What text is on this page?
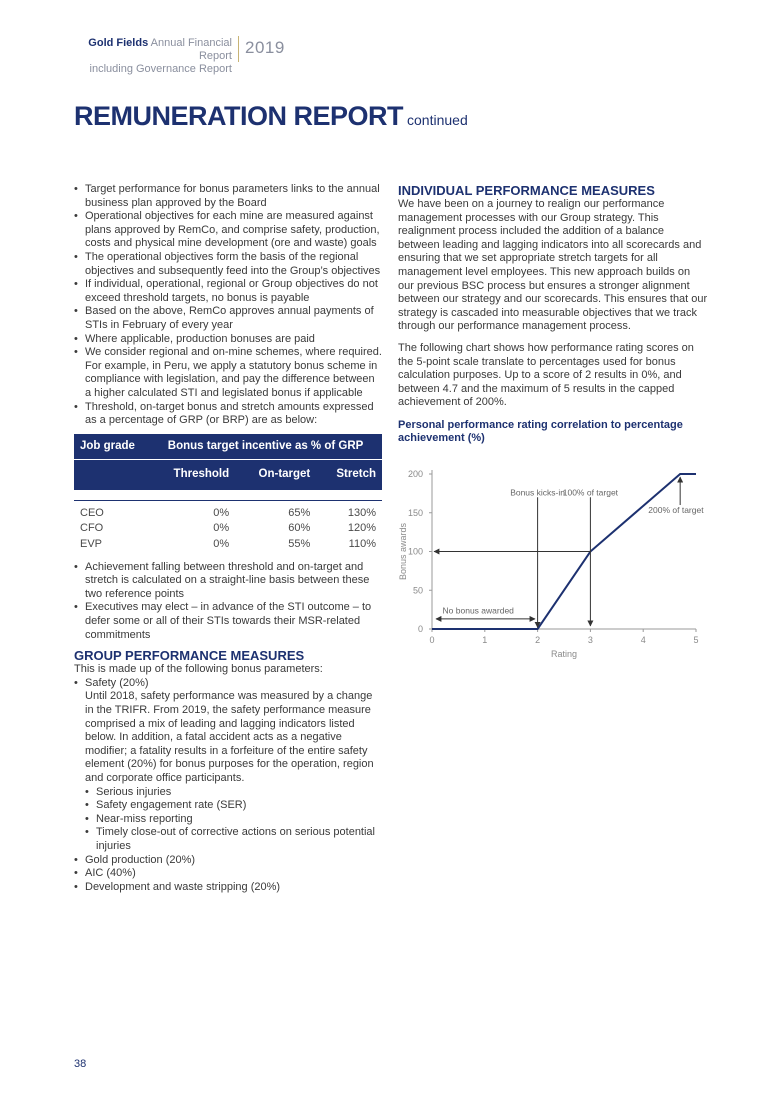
Gold Fields Annual Financial Report
including Governance Report
2019
REMUNERATION REPORT continued
• Target performance for bonus parameters links to the annual business plan approved by the Board
• Operational objectives for each mine are measured against plans approved by RemCo, and comprise safety, production, costs and physical mine development (ore and waste) goals
• The operational objectives form the basis of the regional objectives and subsequently feed into the Group’s objectives
• If individual, operational, regional or Group objectives do not exceed threshold targets, no bonus is payable
• Based on the above, RemCo approves annual payments of STIs in February of every year
• Where applicable, production bonuses are paid
• We consider regional and on-mine schemes, where required. For example, in Peru, we apply a statutory bonus scheme in compliance with legislation, and pay the difference between a higher calculated STI and legislated bonus if applicable
• Threshold, on-target bonus and stretch amounts expressed as a percentage of GRP (or BRP) are as below:
Job grade	Bonus target incentive as % of GRP		
	Threshold	On-target	Stretch

CEO	0%	65%	130%
CFO	0%	60%	120%
EVP	0%	55%	110%
• Achievement falling between threshold and on-target and stretch is calculated on a straight-line basis between these two reference points
• Executives may elect – in advance of the STI outcome – to defer some or all of their STIs towards their MSR-related commitments
GROUP PERFORMANCE MEASURES

This is made up of the following bonus parameters:

• Safety (20%)
Until 2018, safety performance was measured by a change in the TRIFR. From 2019, the safety performance measure comprised a mix of leading and lagging indicators listed below. In addition, a fatal accident acts as a negative modifier; a fatality results in a forfeiture of the entire safety element (20%) for bonus purposes for the operation, region and corporate office participants.
• Serious injuries
• Safety engagement rate (SER)
• Near-miss reporting
• Timely close-out of corrective actions on serious potential injuries
• Gold production (20%)
• AIC (40%)
• Development and waste stripping (20%)
INDIVIDUAL PERFORMANCE MEASURES

We have been on a journey to realign our performance management processes with our Group strategy. This realignment process included the addition of a balance between leading and lagging indicators into all scorecards and ensuring that we set appropriate stretch targets for all management level employees. This new approach builds on our previous BSC process but ensures a stronger alignment between our strategy and our scorecards. This ensures that our strategy is cascaded into measurable objectives that we track through our performance management process.

The following chart shows how performance rating scores on the 5-point scale translate to percentages used for bonus calculation purposes. Up to a score of 2 results in 0%, and between 4.7 and the maximum of 5 results in the capped achievement of 200%.

Personal performance rating correlation to percentage achievement (%)
0
50
100
150
200
0	1	2	3	4	5
Rating
Bonus awards
No bonus awarded
Bonus kicks-in
100% of target
200% of target
38
